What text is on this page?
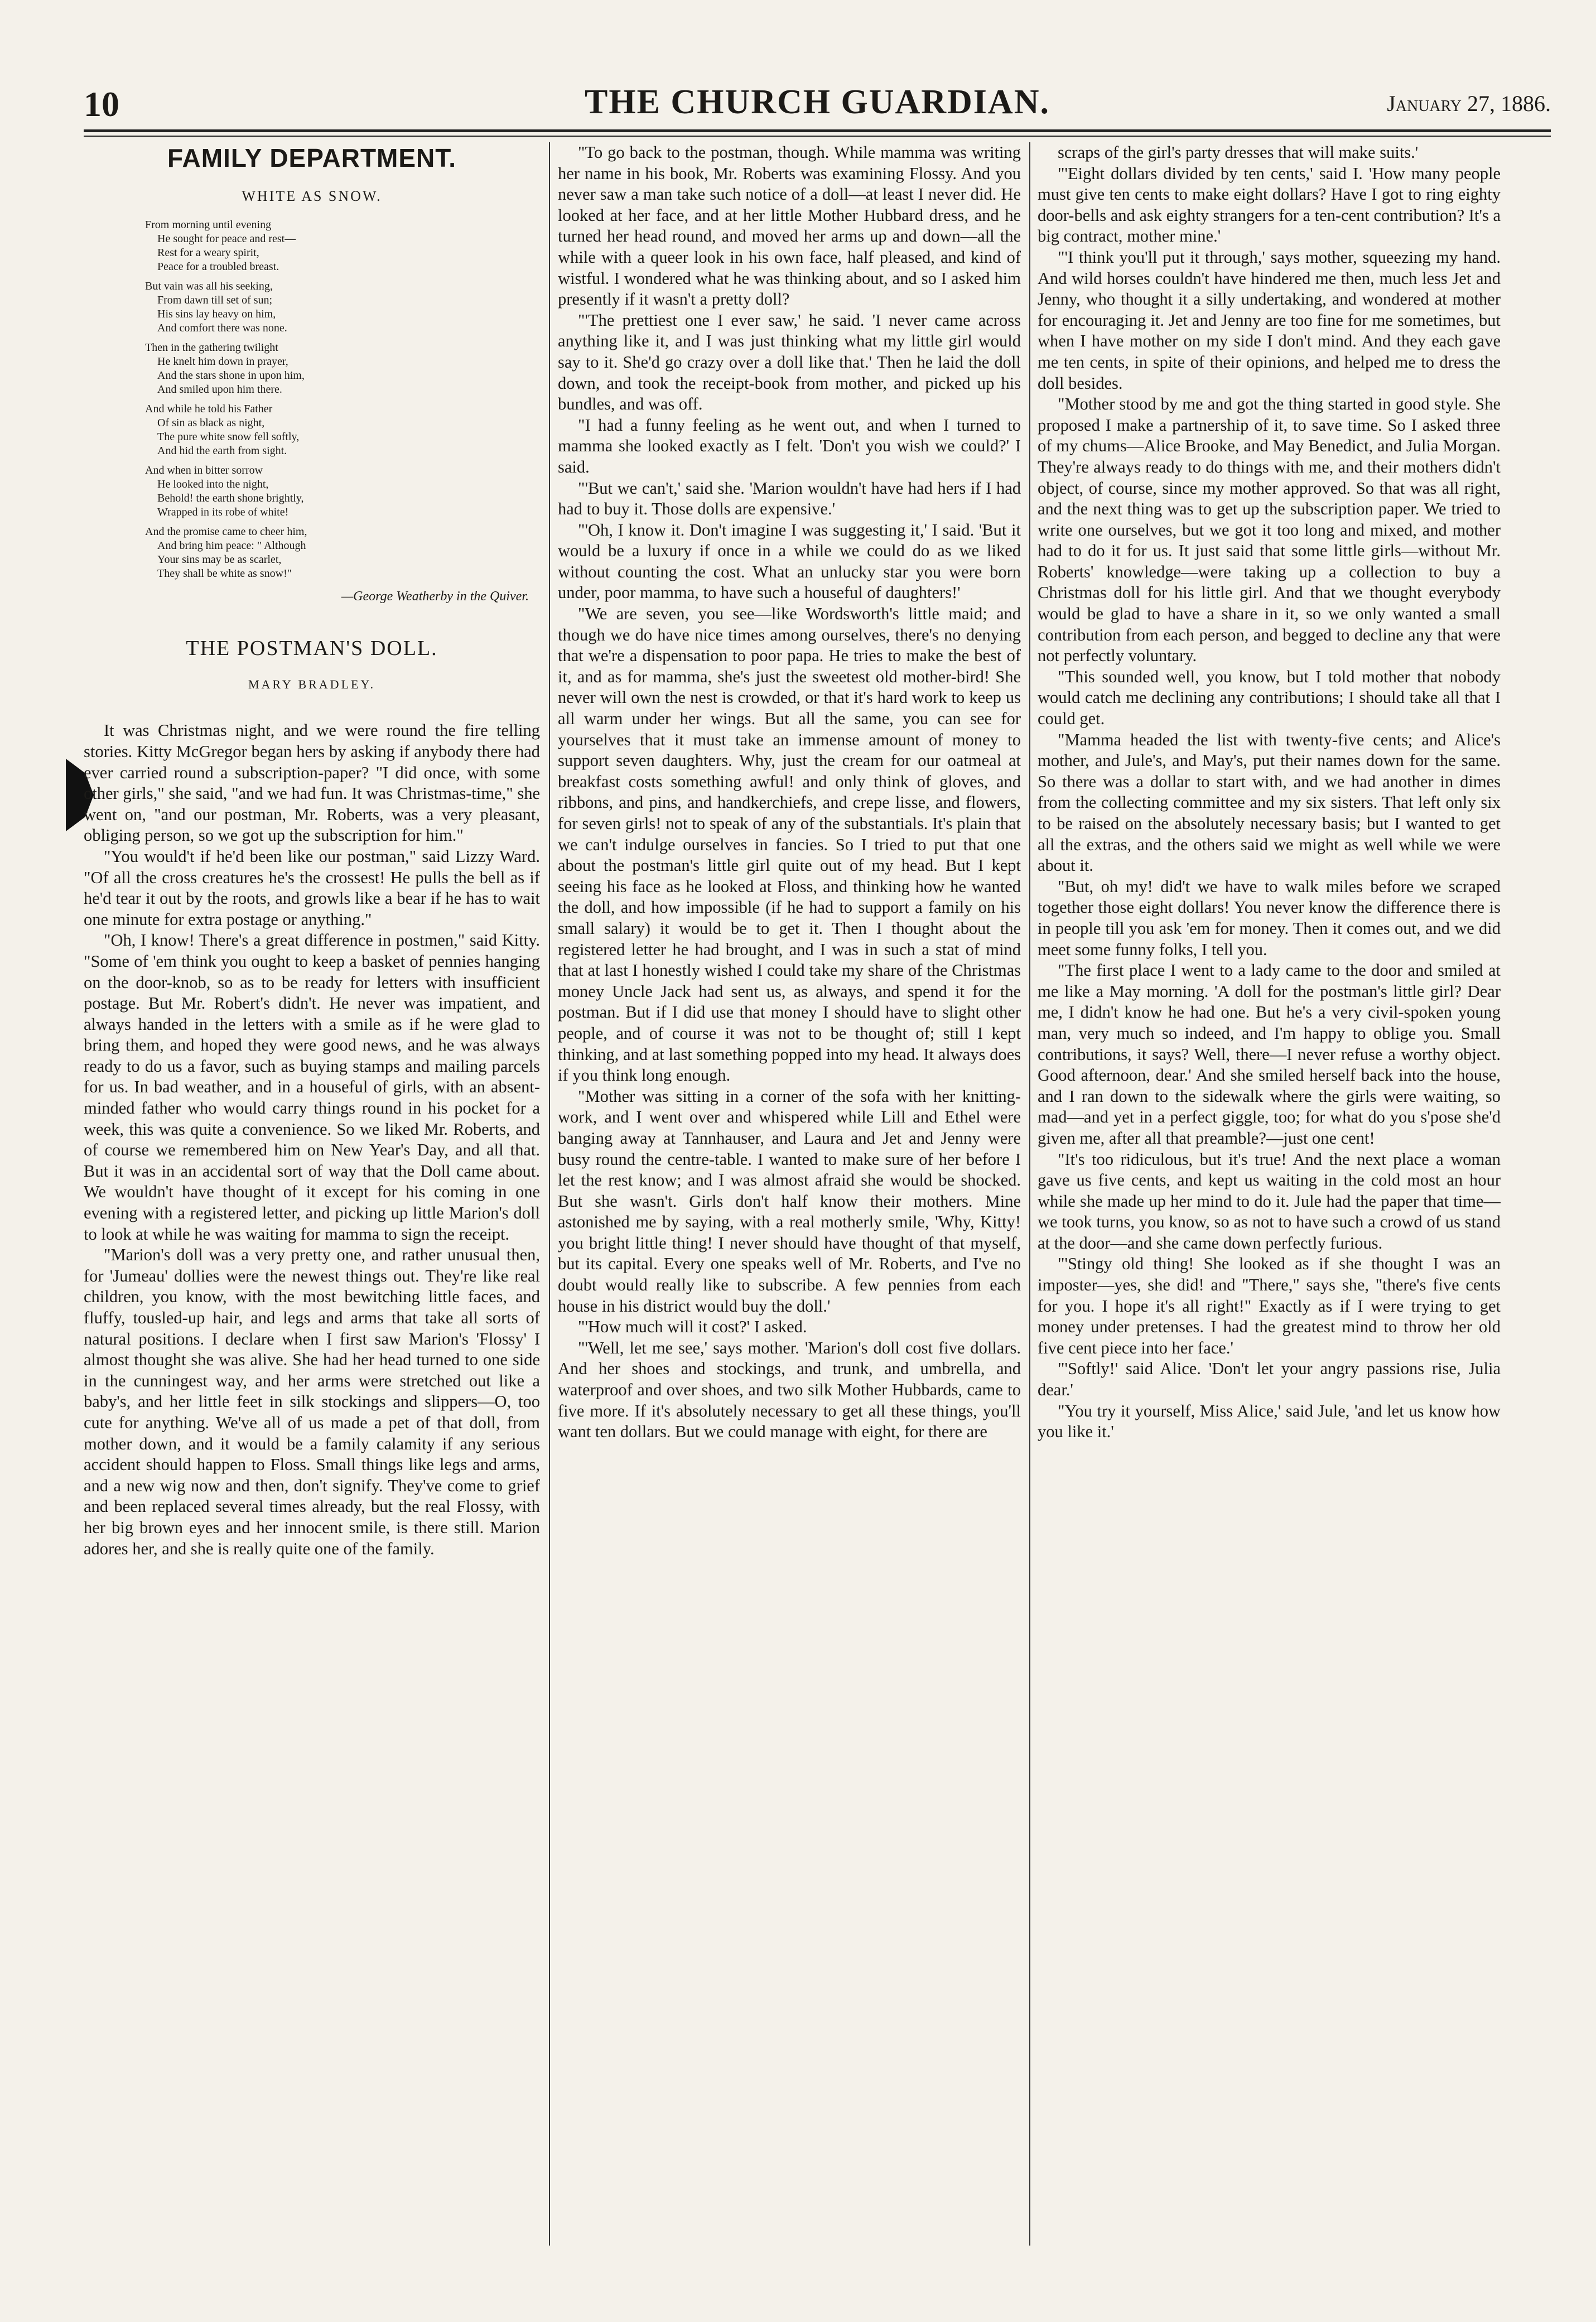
10	THE CHURCH GUARDIAN.	January 27, 1886.
FAMILY DEPARTMENT.
WHITE AS SNOW.
From morning until evening
He sought for peace and rest—
Rest for a weary spirit,
Peace for a troubled breast.
But vain was all his seeking,
From dawn till set of sun;
His sins lay heavy on him,
And comfort there was none.
Then in the gathering twilight
He knelt him down in prayer,
And the stars shone in upon him,
And smiled upon him there.
And while he told his Father
Of sin as black as night,
The pure white snow fell softly,
And hid the earth from sight.
And when in bitter sorrow
He looked into the night,
Behold! the earth shone brightly,
Wrapped in its robe of white!
And the promise came to cheer him,
And bring him peace: " Although
Your sins may be as scarlet,
They shall be white as snow!"
—George Weatherby in the Quiver.
THE POSTMAN'S DOLL.
MARY BRADLEY.

It was Christmas night, and we were round the fire telling stories. Kitty McGregor began hers by asking if anybody there had ever carried round a subscription-paper? "I did once, with some other girls," she said, "and we had fun. It was Christmas-time," she went on, "and our postman, Mr. Roberts, was a very pleasant, obliging person, so we got up the subscription for him."

"You would't if he'd been like our postman," said Lizzy Ward. "Of all the cross creatures he's the crossest! He pulls the bell as if he'd tear it out by the roots, and growls like a bear if he has to wait one minute for extra postage or anything."

"Oh, I know! There's a great difference in postmen," said Kitty. "Some of 'em think you ought to keep a basket of pennies hanging on the door-knob, so as to be ready for letters with insufficient postage. But Mr. Robert's didn't. He never was impatient, and always handed in the letters with a smile as if he were glad to bring them, and hoped they were good news, and he was always ready to do us a favor, such as buying stamps and mailing parcels for us. In bad weather, and in a houseful of girls, with an absent-minded father who would carry things round in his pocket for a week, this was quite a convenience. So we liked Mr. Roberts, and of course we remembered him on New Year's Day, and all that. But it was in an accidental sort of way that the Doll came about. We wouldn't have thought of it except for his coming in one evening with a registered letter, and picking up little Marion's doll to look at while he was waiting for mamma to sign the receipt.

"Marion's doll was a very pretty one, and rather unusual then, for 'Jumeau' dollies were the newest things out. They're like real children, you know, with the most bewitching little faces, and fluffy, tousled-up hair, and legs and arms that take all sorts of natural positions. I declare when I first saw Marion's 'Flossy' I almost thought she was alive. She had her head turned to one side in the cunningest way, and her arms were stretched out like a baby's, and her little feet in silk stockings and slippers—O, too cute for anything. We've all of us made a pet of that doll, from mother down, and it would be a family calamity if any serious accident should happen to Floss. Small things like legs and arms, and a new wig now and then, don't signify. They've come to grief and been replaced several times already, but the real Flossy, with her big brown eyes and her innocent smile, is there still. Marion adores her, and she is really quite one of the family.

"To go back to the postman, though. While mamma was writing her name in his book, Mr. Roberts was examining Flossy. And you never saw a man take such notice of a doll—at least I never did. He looked at her face, and at her little Mother Hubbard dress, and he turned her head round, and moved her arms up and down—all the while with a queer look in his own face, half pleased, and kind of wistful. I wondered what he was thinking about, and so I asked him presently if it wasn't a pretty doll?

"'The prettiest one I ever saw,' he said. 'I never came across anything like it, and I was just thinking what my little girl would say to it. She'd go crazy over a doll like that.' Then he laid the doll down, and took the receipt-book from mother, and picked up his bundles, and was off.

"I had a funny feeling as he went out, and when I turned to mamma she looked exactly as I felt. 'Don't you wish we could?' I said.

"'But we can't,' said she. 'Marion wouldn't have had hers if I had had to buy it. Those dolls are expensive.'

"'Oh, I know it. Don't imagine I was suggesting it,' I said. 'But it would be a luxury if once in a while we could do as we liked without counting the cost. What an unlucky star you were born under, poor mamma, to have such a houseful of daughters!'

"We are seven, you see—like Wordsworth's little maid; and though we do have nice times among ourselves, there's no denying that we're a dispensation to poor papa. He tries to make the best of it, and as for mamma, she's just the sweetest old mother-bird! She never will own the nest is crowded, or that it's hard work to keep us all warm under her wings. But all the same, you can see for yourselves that it must take an immense amount of money to support seven daughters. Why, just the cream for our oatmeal at breakfast costs something awful! and only think of gloves, and ribbons, and pins, and handkerchiefs, and crepe lisse, and flowers, for seven girls! not to speak of any of the substantials. It's plain that we can't indulge ourselves in fancies. So I tried to put that one about the postman's little girl quite out of my head. But I kept seeing his face as he looked at Floss, and thinking how he wanted the doll, and how impossible (if he had to support a family on his small salary) it would be to get it. Then I thought about the registered letter he had brought, and I was in such a stat of mind that at last I honestly wished I could take my share of the Christmas money Uncle Jack had sent us, as always, and spend it for the postman. But if I did use that money I should have to slight other people, and of course it was not to be thought of; still I kept thinking, and at last something popped into my head. It always does if you think long enough.

"Mother was sitting in a corner of the sofa with her knitting-work, and I went over and whispered while Lill and Ethel were banging away at Tannhauser, and Laura and Jet and Jenny were busy round the centre-table. I wanted to make sure of her before I let the rest know; and I was almost afraid she would be shocked. But she wasn't. Girls don't half know their mothers. Mine astonished me by saying, with a real motherly smile, 'Why, Kitty! you bright little thing! I never should have thought of that myself, but its capital. Every one speaks well of Mr. Roberts, and I've no doubt would really like to subscribe. A few pennies from each house in his district would buy the doll.'

"'How much will it cost?' I asked.

"'Well, let me see,' says mother. 'Marion's doll cost five dollars. And her shoes and stockings, and trunk, and umbrella, and waterproof and over shoes, and two silk Mother Hubbards, came to five more. If it's absolutely necessary to get all these things, you'll want ten dollars. But we could manage with eight, for there are

scraps of the girl's party dresses that will make suits.'

"'Eight dollars divided by ten cents,' said I. 'How many people must give ten cents to make eight dollars? Have I got to ring eighty door-bells and ask eighty strangers for a ten-cent contribution? It's a big contract, mother mine.'

"'I think you'll put it through,' says mother, squeezing my hand. And wild horses couldn't have hindered me then, much less Jet and Jenny, who thought it a silly undertaking, and wondered at mother for encouraging it. Jet and Jenny are too fine for me sometimes, but when I have mother on my side I don't mind. And they each gave me ten cents, in spite of their opinions, and helped me to dress the doll besides.

"Mother stood by me and got the thing started in good style. She proposed I make a partnership of it, to save time. So I asked three of my chums—Alice Brooke, and May Benedict, and Julia Morgan. They're always ready to do things with me, and their mothers didn't object, of course, since my mother approved. So that was all right, and the next thing was to get up the subscription paper. We tried to write one ourselves, but we got it too long and mixed, and mother had to do it for us. It just said that some little girls—without Mr. Roberts' knowledge—were taking up a collection to buy a Christmas doll for his little girl. And that we thought everybody would be glad to have a share in it, so we only wanted a small contribution from each person, and begged to decline any that were not perfectly voluntary.

"This sounded well, you know, but I told mother that nobody would catch me declining any contributions; I should take all that I could get.

"Mamma headed the list with twenty-five cents; and Alice's mother, and Jule's, and May's, put their names down for the same. So there was a dollar to start with, and we had another in dimes from the collecting committee and my six sisters. That left only six to be raised on the absolutely necessary basis; but I wanted to get all the extras, and the others said we might as well while we were about it.

"But, oh my! did't we have to walk miles before we scraped together those eight dollars! You never know the difference there is in people till you ask 'em for money. Then it comes out, and we did meet some funny folks, I tell you.

"The first place I went to a lady came to the door and smiled at me like a May morning. 'A doll for the postman's little girl? Dear me, I didn't know he had one. But he's a very civil-spoken young man, very much so indeed, and I'm happy to oblige you. Small contributions, it says? Well, there—I never refuse a worthy object. Good afternoon, dear.' And she smiled herself back into the house, and I ran down to the sidewalk where the girls were waiting, so mad—and yet in a perfect giggle, too; for what do you s'pose she'd given me, after all that preamble?—just one cent!

"It's too ridiculous, but it's true! And the next place a woman gave us five cents, and kept us waiting in the cold most an hour while she made up her mind to do it. Jule had the paper that time—we took turns, you know, so as not to have such a crowd of us stand at the door—and she came down perfectly furious.

"'Stingy old thing! She looked as if she thought I was an imposter—yes, she did! and "There," says she, "there's five cents for you. I hope it's all right!" Exactly as if I were trying to get money under pretenses. I had the greatest mind to throw her old five cent piece into her face.'

"'Softly!' said Alice. 'Don't let your angry passions rise, Julia dear.'

"You try it yourself, Miss Alice,' said Jule, 'and let us know how you like it.'
